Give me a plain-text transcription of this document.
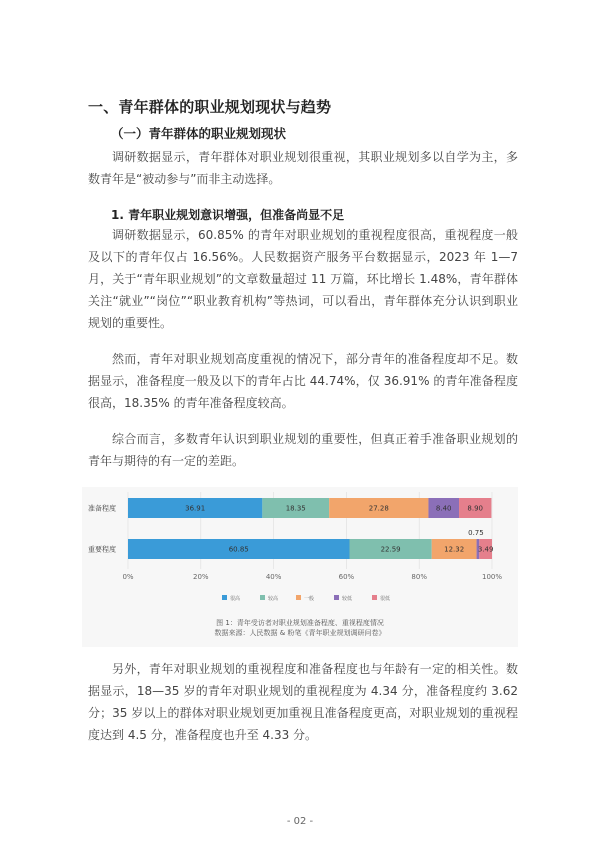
一、青年群体的职业规划现状与趋势
（一）青年群体的职业规划现状

调研数据显示，青年群体对职业规划很重视，其职业规划多以自学为主，多数青年是“被动参与”而非主动选择。

1. 青年职业规划意识增强，但准备尚显不足

调研数据显示，60.85% 的青年对职业规划的重视程度很高，重视程度一般及以下的青年仅占 16.56%。人民数据资产服务平台数据显示，2023 年 1—7 月，关于“青年职业规划”的文章数量超过 11 万篇，环比增长 1.48%，青年群体关注“就业”“岗位”“职业教育机构”等热词，可以看出，青年群体充分认识到职业规划的重要性。

然而，青年对职业规划高度重视的情况下，部分青年的准备程度却不足。数据显示，准备程度一般及以下的青年占比 44.74%，仅 36.91% 的青年准备程度很高，18.35% 的青年准备程度较高。

综合而言，多数青年认识到职业规划的重要性，但真正着手准备职业规划的青年与期待的有一定的差距。

0%	20%	40%	60%	80%	100%
准备程度	36.91	18.35	27.28	8.40 8.90
重要程度	60.85	22.59	12.32
0.75
3.49
很高	较高	一般	较低	很低
图 1：青年受访者对职业规划准备程度、重视程度情况
数据来源：人民数据 & 粉笔《青年职业规划调研问卷》

另外，青年对职业规划的重视程度和准备程度也与年龄有一定的相关性。数据显示，18—35 岁的青年对职业规划的重视程度为 4.34 分，准备程度约 3.62 分；35 岁以上的群体对职业规划更加重视且准备程度更高，对职业规划的重视程度达到 4.5 分，准备程度也升至 4.33 分。

- 02 -
